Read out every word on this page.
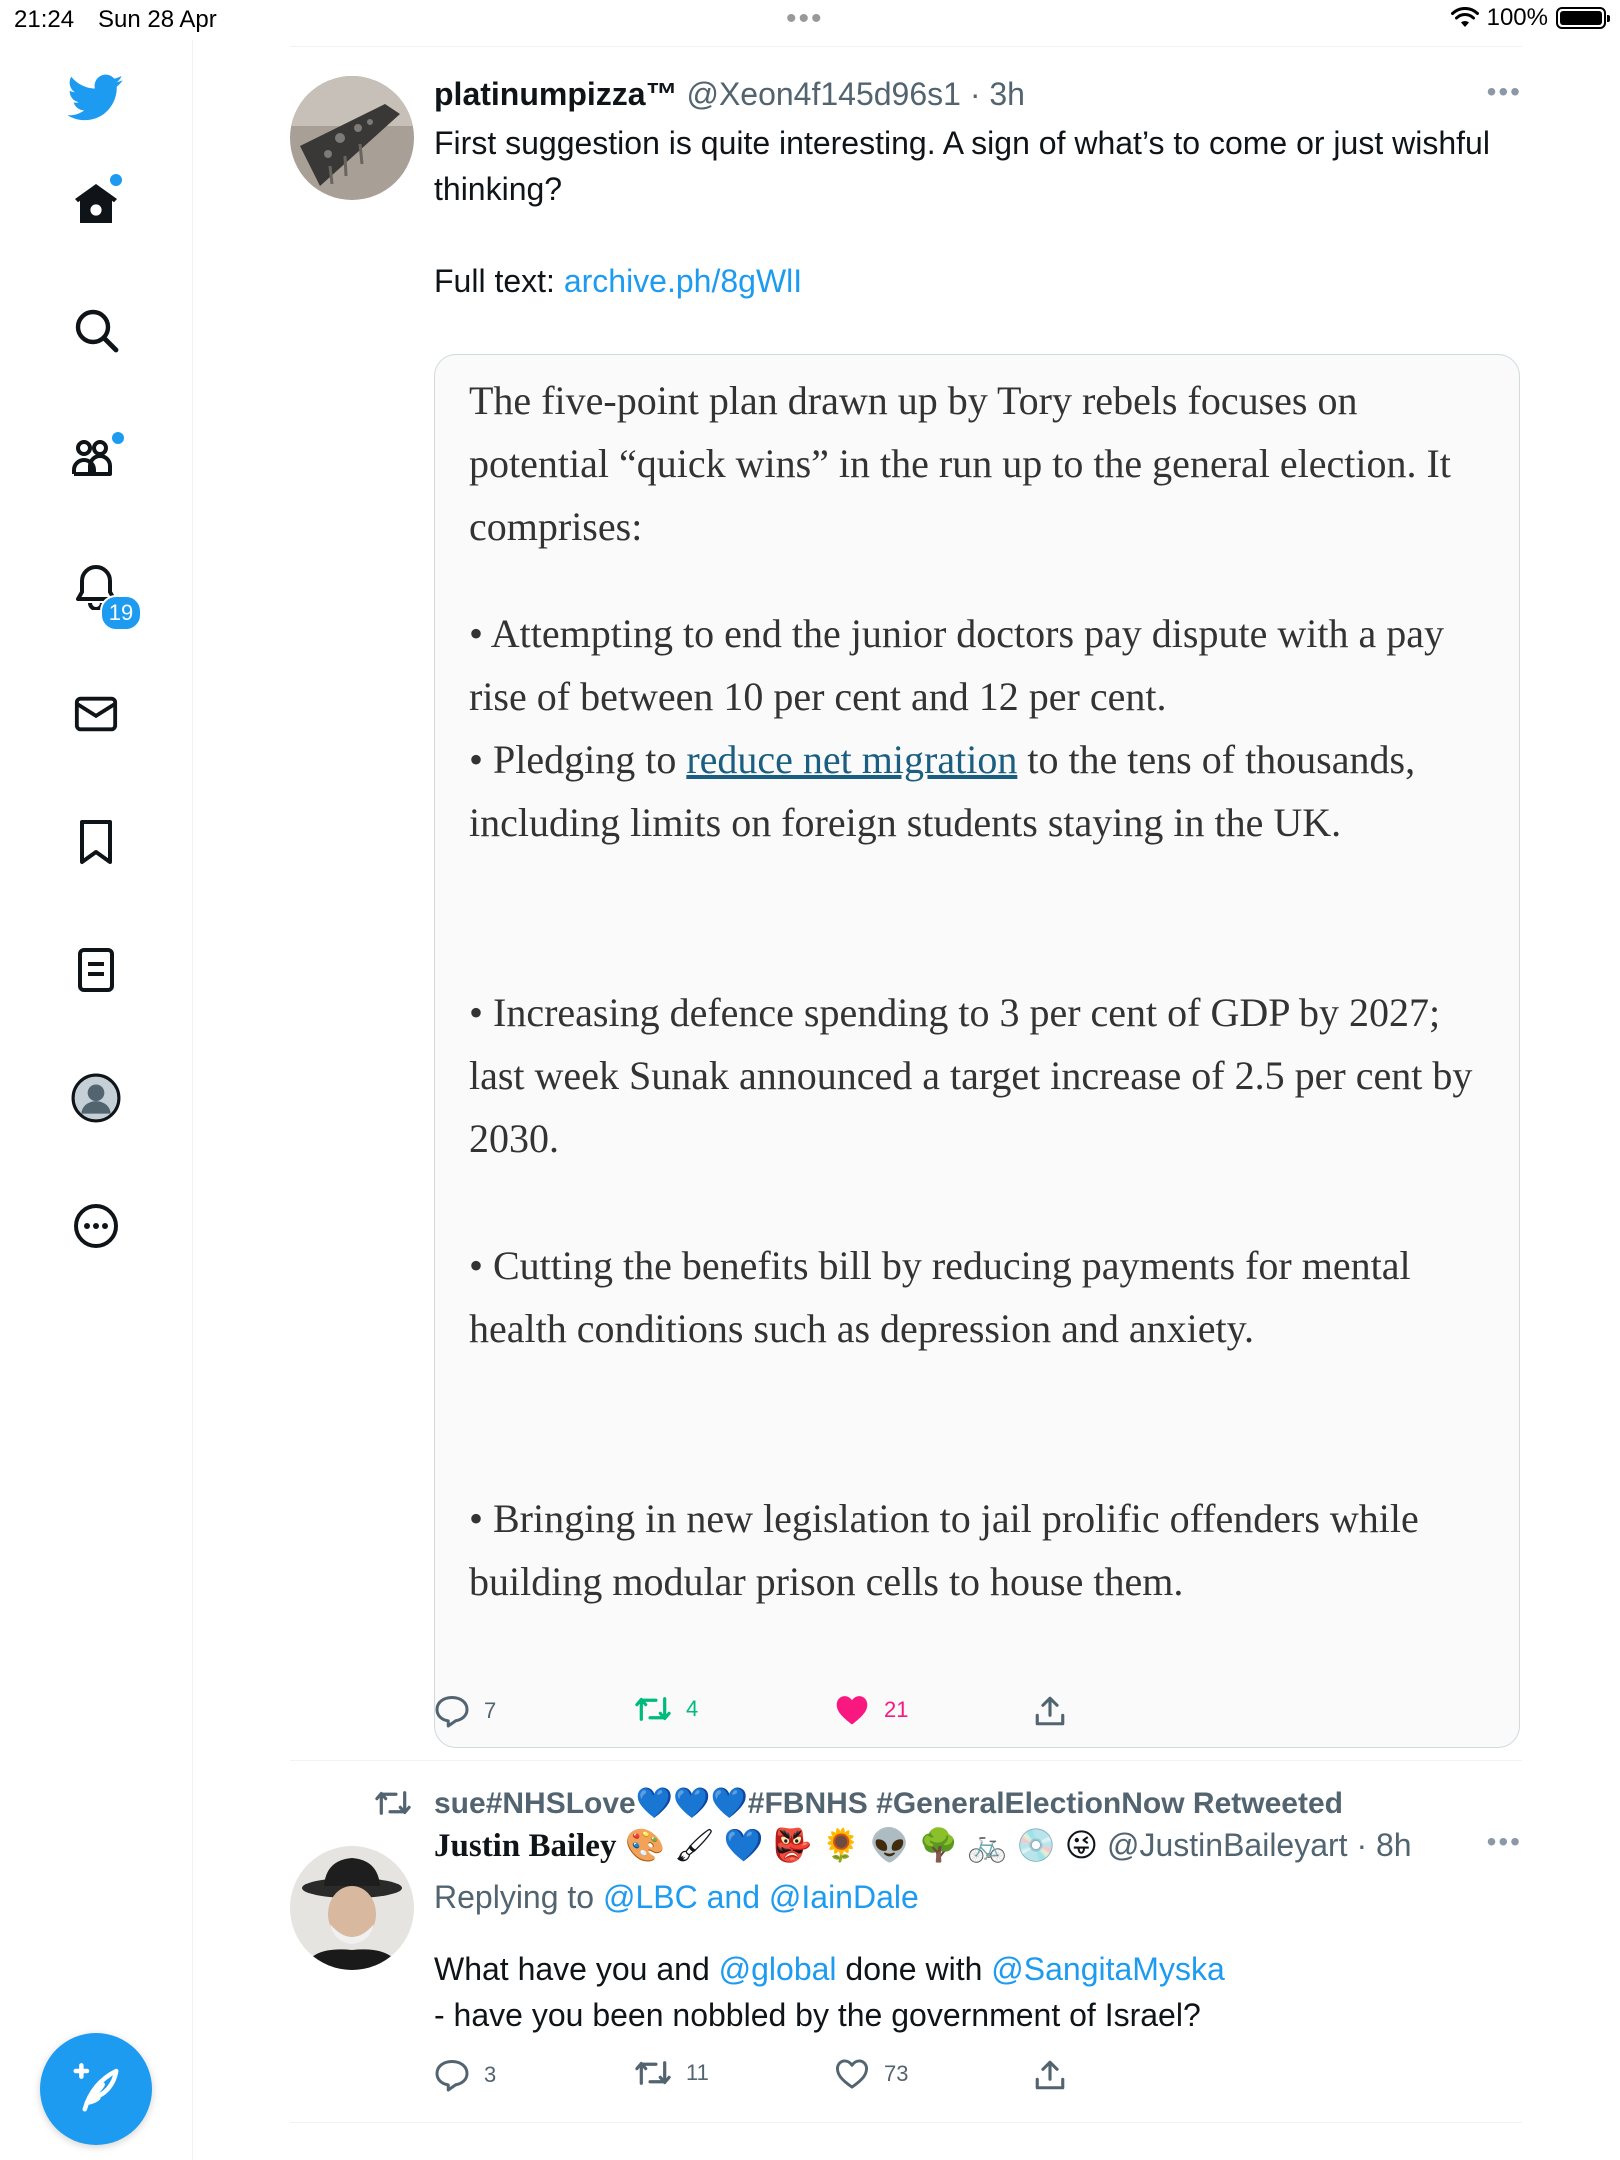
21:24 Sun 28 Apr	•••	100%
19
platinumpizza™ @Xeon4f145d96s1 · 3h	•••
First suggestion is quite interesting. A sign of what’s to come or just wishful thinking?
Full text: archive.ph/8gWlI
The five-point plan drawn up by Tory rebels focuses on potential “quick wins” in the run up to the general election. It comprises:
• Attempting to end the junior doctors pay dispute with a pay rise of between 10 per cent and 12 per cent.
• Pledging to reduce net migration to the tens of thousands, including limits on foreign students staying in the UK.
• Increasing defence spending to 3 per cent of GDP by 2027; last week Sunak announced a target increase of 2.5 per cent by 2030.
• Cutting the benefits bill by reducing payments for mental health conditions such as depression and anxiety.
• Bringing in new legislation to jail prolific offenders while building modular prison cells to house them.
7	4	21
sue#NHSLove💙💙💙#FBNHS #GeneralElectionNow Retweeted
Justin Bailey 🎨 🖌 💙 👺 🌻 👽 🌳 🚲 💿 😜 @JustinBaileyart · 8h	•••
Replying to @LBC and @IainDale
What have you and @global done with @SangitaMyska
- have you been nobbled by the government of Israel?
3	11	73
